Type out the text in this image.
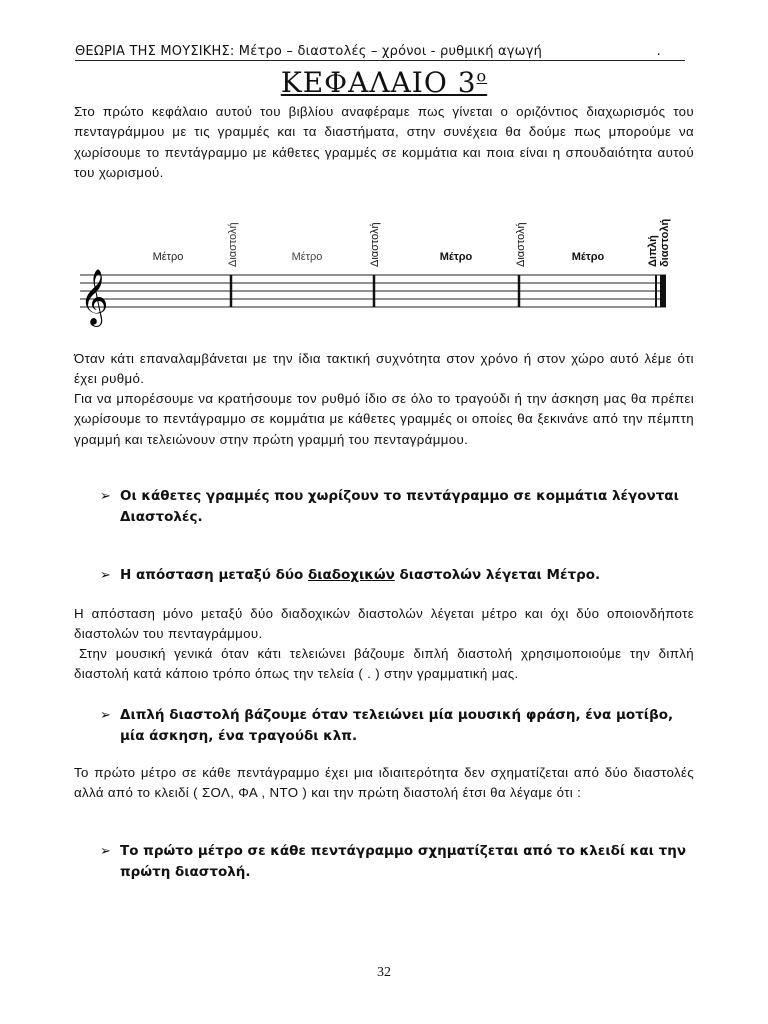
ΘΕΩΡΙΑ ΤΗΣ ΜΟΥΣΙΚΗΣ: Μέτρο – διαστολές – χρόνοι - ρυθμική αγωγή	.
ΚΕΦΑΛΑΙΟ $3^o$
Στο πρώτο κεφάλαιο αυτού του βιβλίου αναφέραμε πως γίνεται ο οριζόντιος διαχωρισμός του πενταγράμμου με τις γραμμές και τα διαστήματα, στην συνέχεια θα δούμε πως μπορούμε να χωρίσουμε το πεντάγραμμο με κάθετες γραμμές σε κομμάτια και ποια είναι η σπουδαιότητα αυτού του χωρισμού.
𝄞
Μέτρο	Μέτρο	Μέτρο	Μέτρο
Διαστολή	Διαστολή	Διαστολή	Διπλή διαστολή
Όταν κάτι επαναλαμβάνεται με την ίδια τακτική συχνότητα στον χρόνο ή στον χώρο αυτό λέμε ότι έχει ρυθμό.
Για να μπορέσουμε να κρατήσουμε τον ρυθμό ίδιο σε όλο το τραγούδι ή την άσκηση μας θα πρέπει χωρίσουμε το πεντάγραμμο σε κομμάτια με κάθετες γραμμές οι οποίες θα ξεκινάνε από την πέμπτη γραμμή και τελειώνουν στην πρώτη γραμμή του πενταγράμμου.
➢ Οι κάθετες γραμμές που χωρίζουν το πεντάγραμμο σε κομμάτια λέγονται Διαστολές.
➢ Η απόσταση μεταξύ δύο διαδοχικών διαστολών λέγεται Μέτρο.
Η απόσταση μόνο μεταξύ δύο διαδοχικών διαστολών λέγεται μέτρο και όχι δύο οποιονδήποτε διαστολών του πενταγράμμου.
Στην μουσική γενικά όταν κάτι τελειώνει βάζουμε διπλή διαστολή χρησιμοποιούμε την διπλή διαστολή κατά κάποιο τρόπο όπως την τελεία ( . ) στην γραμματική μας.
➢ Διπλή διαστολή βάζουμε όταν τελειώνει μία μουσική φράση, ένα μοτίβο, μία άσκηση, ένα τραγούδι κλπ.
Το πρώτο μέτρο σε κάθε πεντάγραμμο έχει μια ιδιαιτερότητα δεν σχηματίζεται από δύο διαστολές αλλά από το κλειδί ( ΣΟΛ, ΦΑ , ΝΤΟ ) και την πρώτη διαστολή έτσι θα λέγαμε ότι :
➢ Το πρώτο μέτρο σε κάθε πεντάγραμμο σχηματίζεται από το κλειδί και την πρώτη διαστολή.
32
